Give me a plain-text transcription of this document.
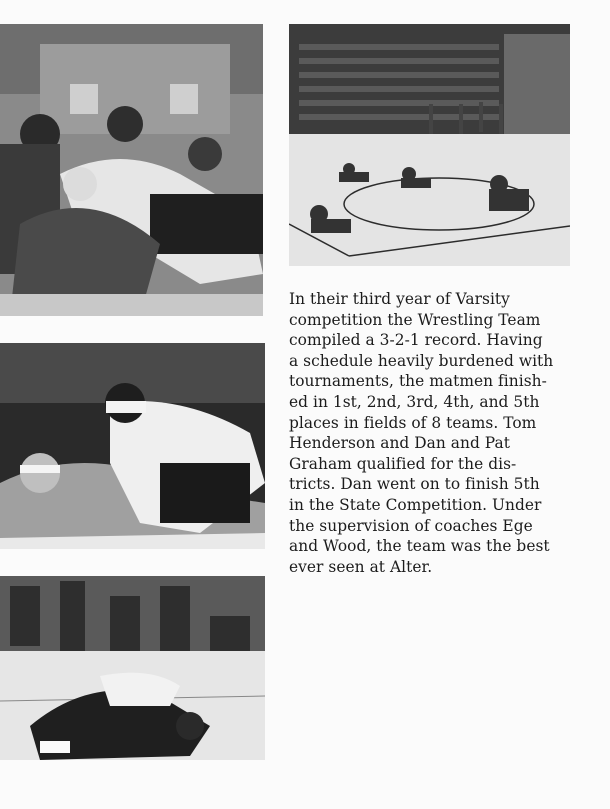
In their third year of Varsity
competition the Wrestling Team
compiled a 3-2-1 record. Having
a schedule heavily burdened with
tournaments, the matmen finish-
ed in 1st, 2nd, 3rd, 4th, and 5th
places in fields of 8 teams. Tom
Henderson and Dan and Pat
Graham qualified for the dis-
tricts. Dan went on to finish 5th
in the State Competition. Under
the supervision of coaches Ege
and Wood, the team was the best
ever seen at Alter.
